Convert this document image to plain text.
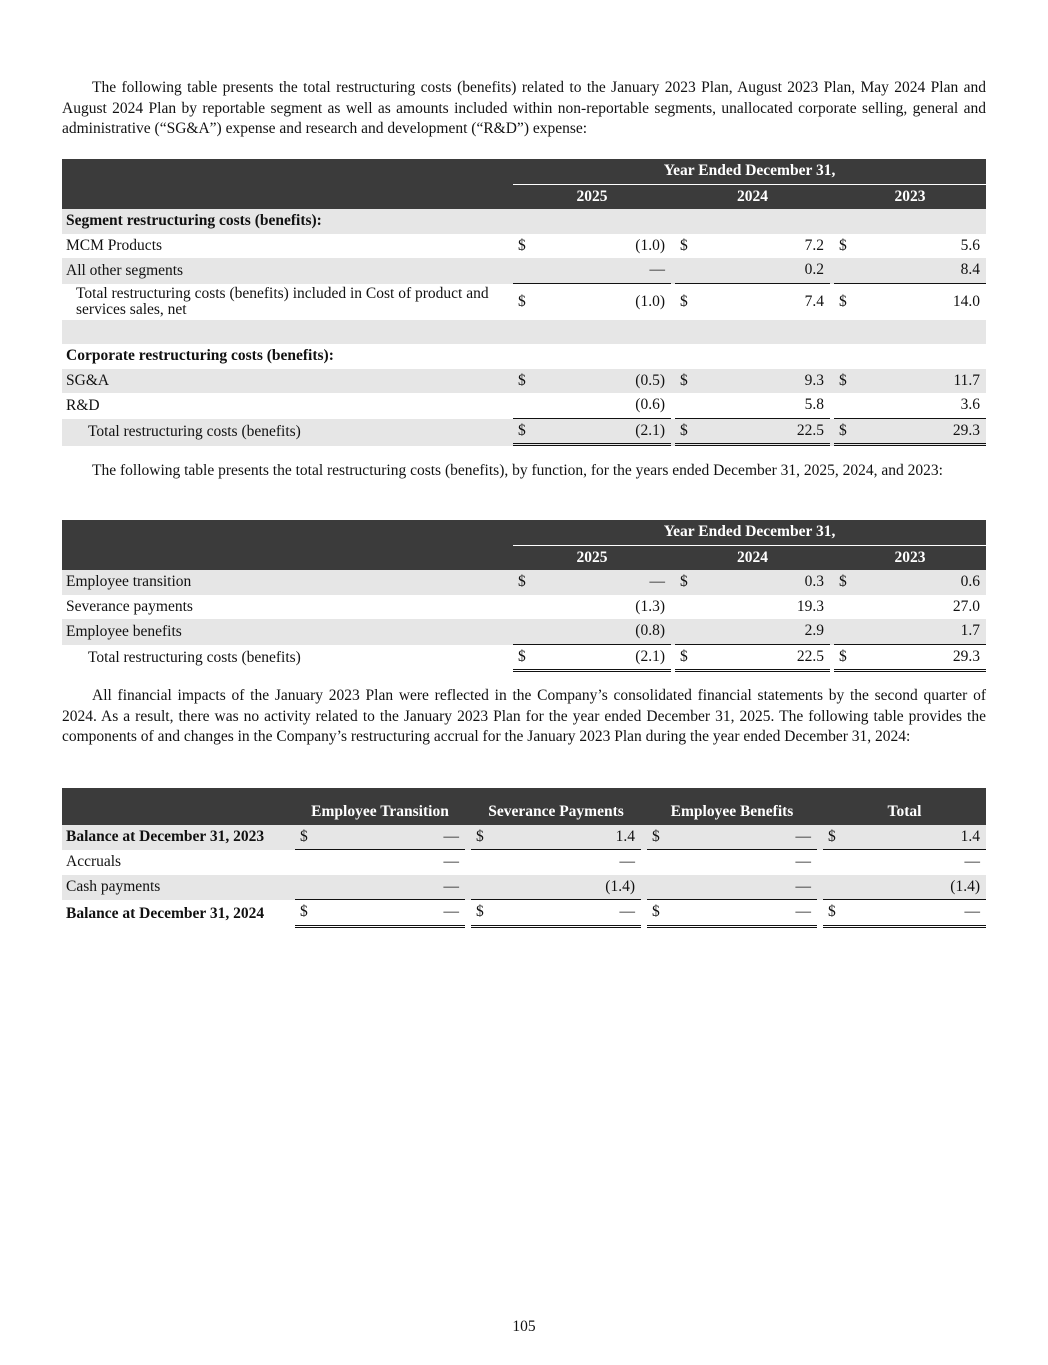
The following table presents the total restructuring costs (benefits) related to the January 2023 Plan, August 2023 Plan, May 2024 Plan and August 2024 Plan by reportable segment as well as amounts included within non-reportable segments, unallocated corporate selling, general and administrative (“SG&A”) expense and research and development (“R&D”) expense:

	Year Ended December 31,							
	2025			2024			2023	
Segment restructuring costs (benefits):								
MCM Products	$	(1.0)		$	7.2		$	5.6
All other segments		—			0.2			8.4
Total restructuring costs (benefits) included in Cost of product and services sales, net	$	(1.0)		$	7.4		$	14.0

Corporate restructuring costs (benefits):								
SG&A	$	(0.5)		$	9.3		$	11.7
R&D		(0.6)			5.8			3.6
Total restructuring costs (benefits)	$	(2.1)		$	22.5		$	29.3

The following table presents the total restructuring costs (benefits), by function, for the years ended December 31, 2025, 2024, and 2023:

	Year Ended December 31,							
	2025			2024			2023	
Employee transition	$	—		$	0.3		$	0.6
Severance payments		(1.3)			19.3			27.0
Employee benefits		(0.8)			2.9			1.7
Total restructuring costs (benefits)	$	(2.1)		$	22.5		$	29.3

All financial impacts of the January 2023 Plan were reflected in the Company’s consolidated financial statements by the second quarter of 2024. As a result, there was no activity related to the January 2023 Plan for the year ended December 31, 2025. The following table provides the components of and changes in the Company’s restructuring accrual for the January 2023 Plan during the year ended December 31, 2024:

	Employee Transition			Severance Payments			Employee Benefits			Total	
Balance at December 31, 2023	$	—		$	1.4		$	—		$	1.4
Accruals		—			—			—			—
Cash payments		—			(1.4)			—			(1.4)
Balance at December 31, 2024	$	—		$	—		$	—		$	—
105
